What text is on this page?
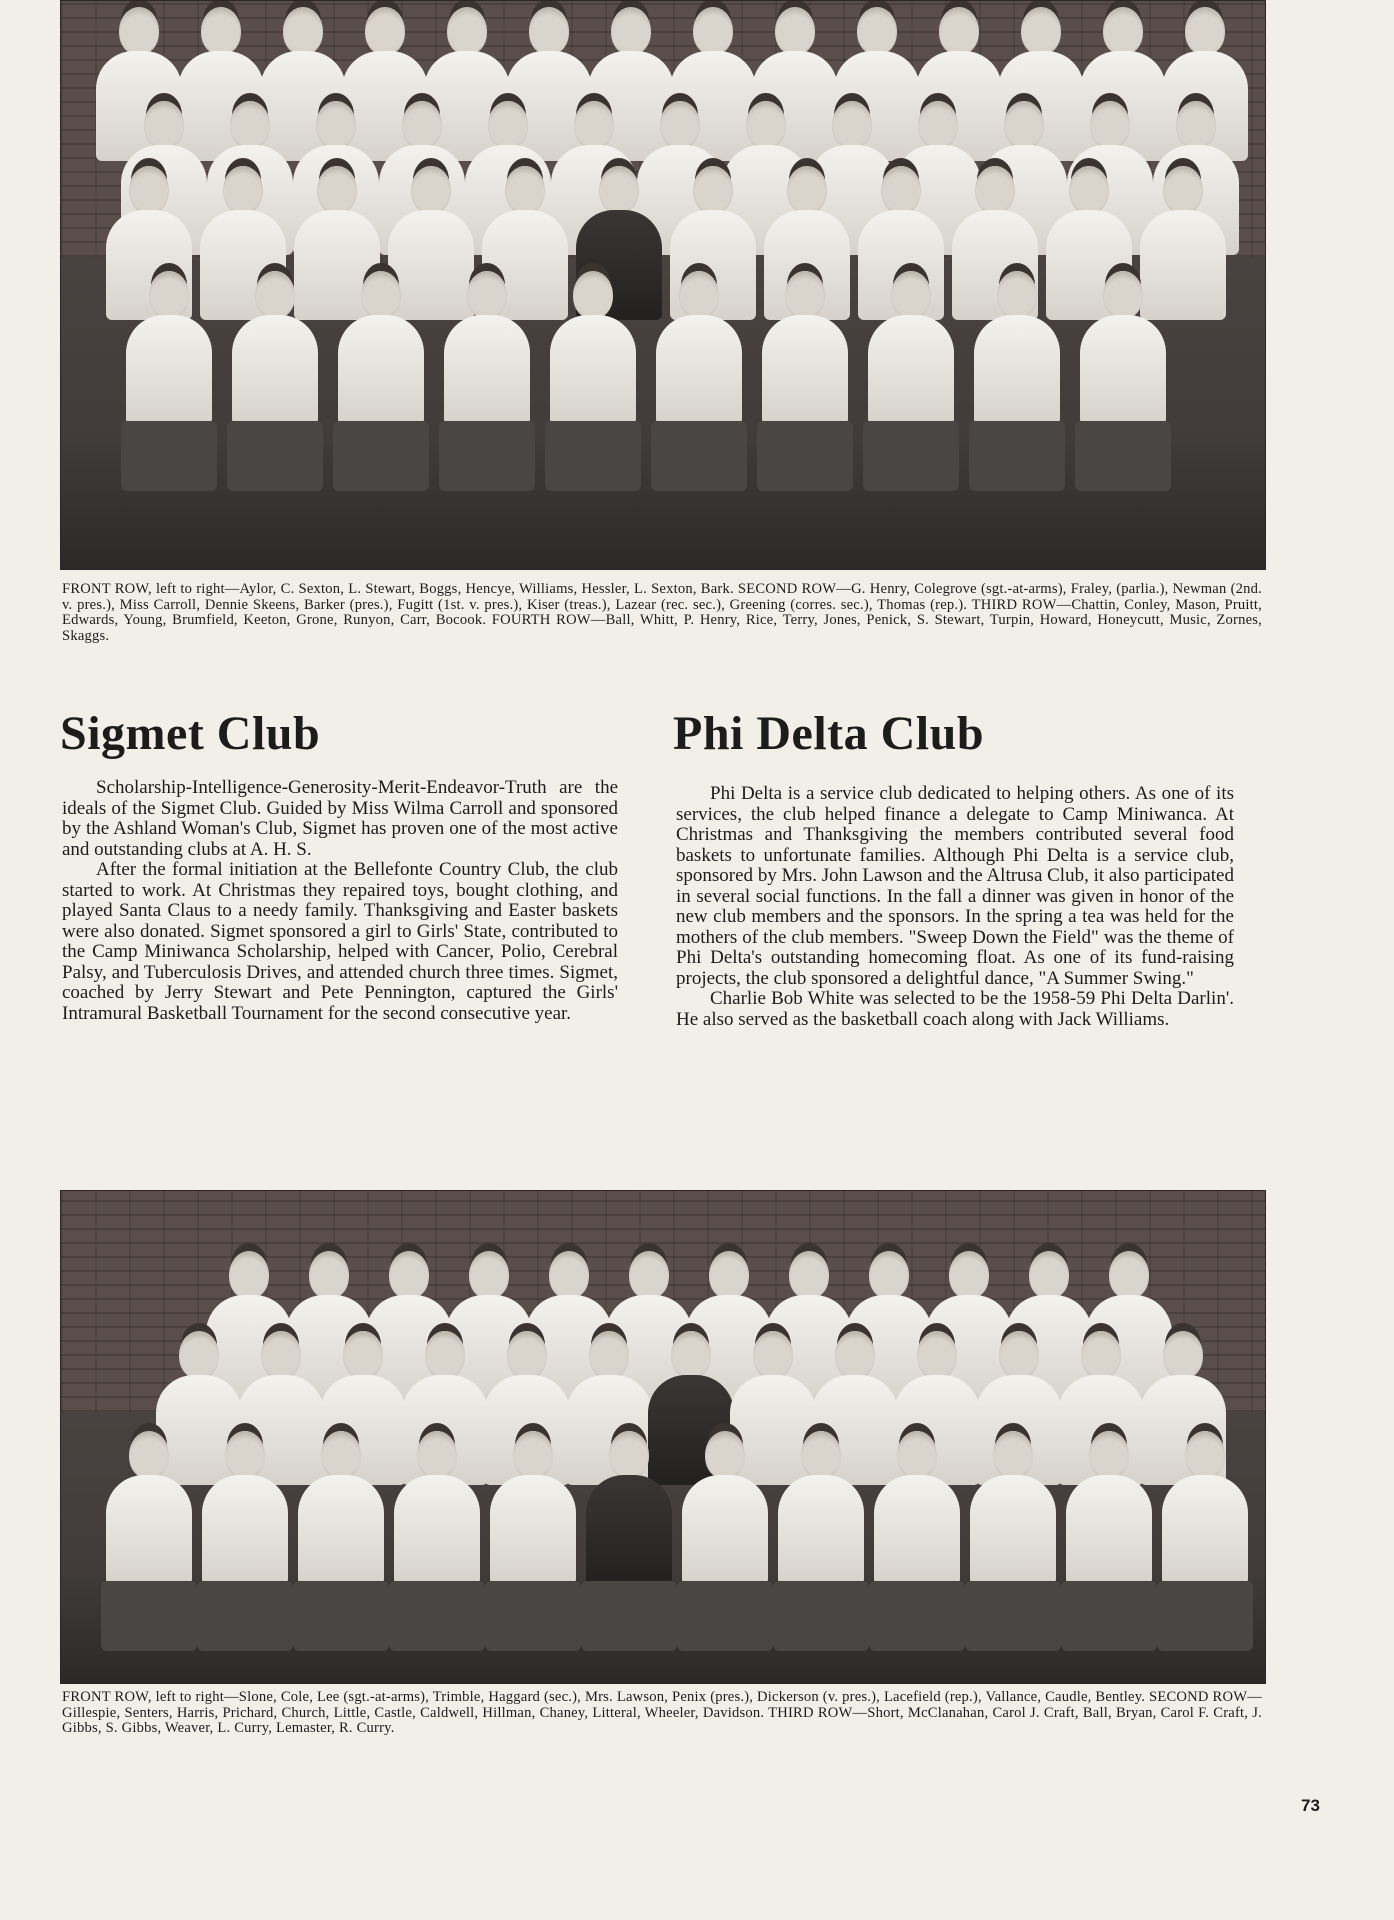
FRONT ROW, left to right—Aylor, C. Sexton, L. Stewart, Boggs, Hencye, Williams, Hessler, L. Sexton, Bark. SECOND ROW—G. Henry, Colegrove (sgt.-at-arms), Fraley, (parlia.), Newman (2nd. v. pres.), Miss Carroll, Dennie Skeens, Barker (pres.), Fugitt (1st. v. pres.), Kiser (treas.), Lazear (rec. sec.), Greening (corres. sec.), Thomas (rep.). THIRD ROW—Chattin, Conley, Mason, Pruitt, Edwards, Young, Brumfield, Keeton, Grone, Runyon, Carr, Bocook. FOURTH ROW—Ball, Whitt, P. Henry, Rice, Terry, Jones, Penick, S. Stewart, Turpin, Howard, Honeycutt, Music, Zornes, Skaggs.
Sigmet Club

Scholarship-Intelligence-Generosity-Merit-Endeavor-Truth are the ideals of the Sigmet Club. Guided by Miss Wilma Carroll and sponsored by the Ashland Woman's Club, Sigmet has proven one of the most active and outstanding clubs at A. H. S.

After the formal initiation at the Bellefonte Country Club, the club started to work. At Christmas they repaired toys, bought clothing, and played Santa Claus to a needy family. Thanksgiving and Easter baskets were also donated. Sigmet sponsored a girl to Girls' State, contributed to the Camp Miniwanca Scholarship, helped with Cancer, Polio, Cerebral Palsy, and Tuberculosis Drives, and attended church three times. Sigmet, coached by Jerry Stewart and Pete Pennington, captured the Girls' Intramural Basketball Tournament for the second consecutive year.

Phi Delta Club

Phi Delta is a service club dedicated to helping others. As one of its services, the club helped finance a delegate to Camp Miniwanca. At Christmas and Thanksgiving the members contributed several food baskets to unfortunate families. Although Phi Delta is a service club, sponsored by Mrs. John Lawson and the Altrusa Club, it also participated in several social functions. In the fall a dinner was given in honor of the new club members and the sponsors. In the spring a tea was held for the mothers of the club members. "Sweep Down the Field" was the theme of Phi Delta's outstanding homecoming float. As one of its fund-raising projects, the club sponsored a delightful dance, "A Summer Swing."

Charlie Bob White was selected to be the 1958-59 Phi Delta Darlin'. He also served as the basketball coach along with Jack Williams.

FRONT ROW, left to right—Slone, Cole, Lee (sgt.-at-arms), Trimble, Haggard (sec.), Mrs. Lawson, Penix (pres.), Dickerson (v. pres.), Lacefield (rep.), Vallance, Caudle, Bentley. SECOND ROW—Gillespie, Senters, Harris, Prichard, Church, Little, Castle, Caldwell, Hillman, Chaney, Litteral, Wheeler, Davidson. THIRD ROW—Short, McClanahan, Carol J. Craft, Ball, Bryan, Carol F. Craft, J. Gibbs, S. Gibbs, Weaver, L. Curry, Lemaster, R. Curry.
73
